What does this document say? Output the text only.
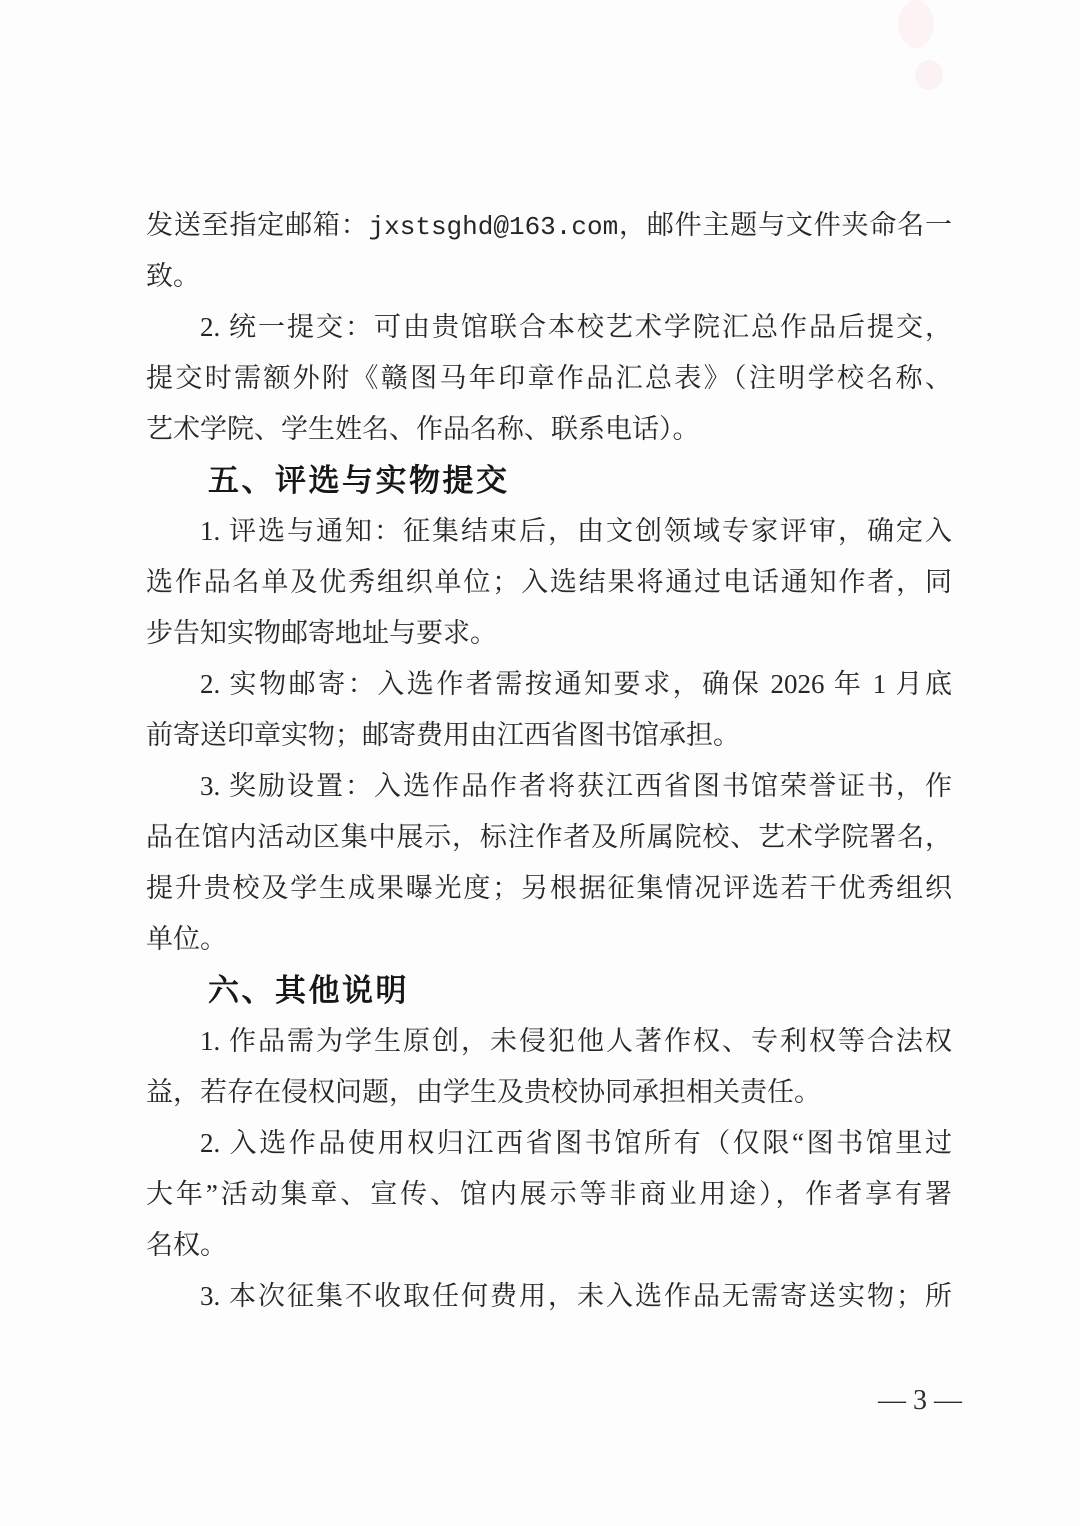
发送至指定邮箱：jxstsghd@163.com，邮件主题与文件夹命名一
致。
2. 统一提交：可由贵馆联合本校艺术学院汇总作品后提交，
提交时需额外附《赣图马年印章作品汇总表》（注明学校名称、
艺术学院、学生姓名、作品名称、联系电话）。
五、评选与实物提交
1. 评选与通知：征集结束后，由文创领域专家评审，确定入
选作品名单及优秀组织单位；入选结果将通过电话通知作者，同
步告知实物邮寄地址与要求。
2. 实物邮寄：入选作者需按通知要求，确保 2026 年 1 月底
前寄送印章实物；邮寄费用由江西省图书馆承担。
3. 奖励设置：入选作品作者将获江西省图书馆荣誉证书，作
品在馆内活动区集中展示，标注作者及所属院校、艺术学院署名，
提升贵校及学生成果曝光度；另根据征集情况评选若干优秀组织
单位。
六、其他说明
1. 作品需为学生原创，未侵犯他人著作权、专利权等合法权
益，若存在侵权问题，由学生及贵校协同承担相关责任。
2. 入选作品使用权归江西省图书馆所有（仅限“图书馆里过
大年”活动集章、宣传、馆内展示等非商业用途），作者享有署
名权。
3. 本次征集不收取任何费用，未入选作品无需寄送实物；所
— 3 —
